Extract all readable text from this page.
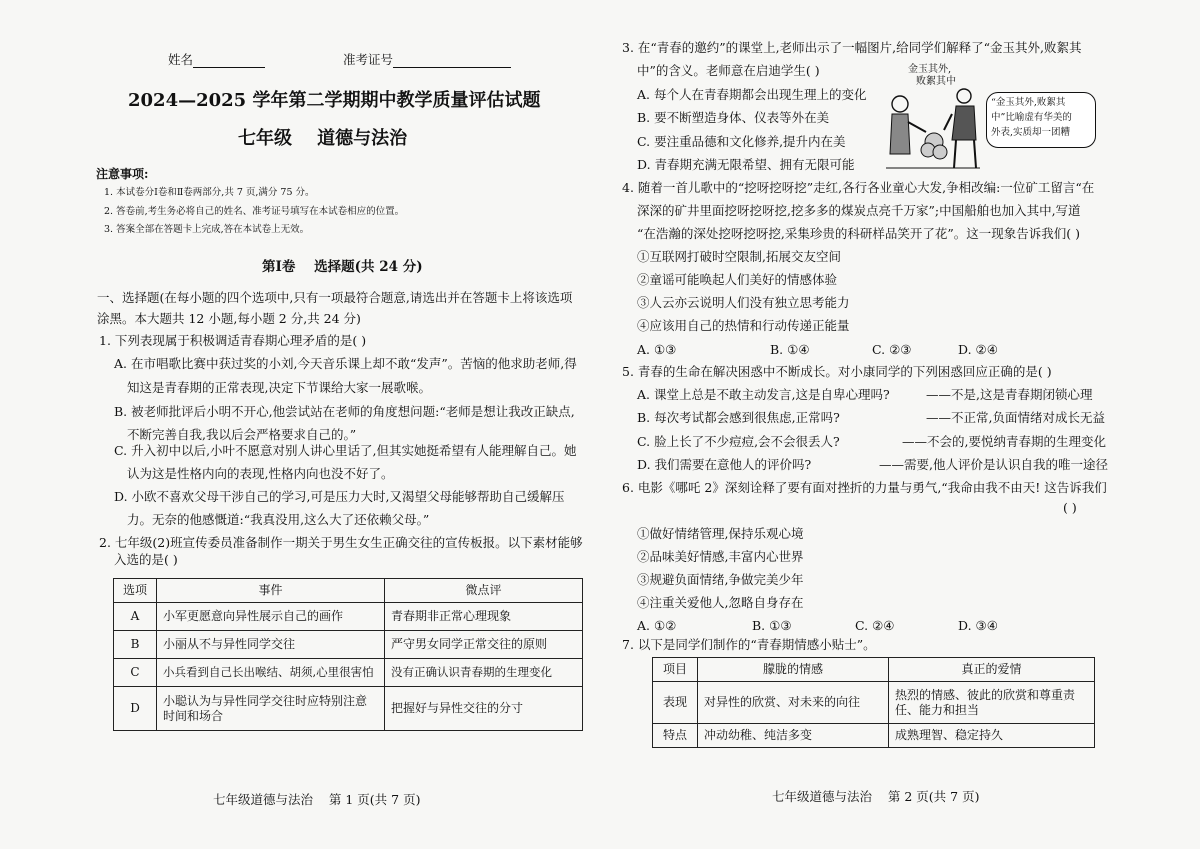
姓名	准考证号
2024—2025 学年第二学期期中教学质量评估试题
七年级    道德与法治
注意事项:
1. 本试卷分Ⅰ卷和Ⅱ卷两部分,共 7 页,满分 75 分。
2. 答卷前,考生务必将自己的姓名、准考证号填写在本试卷相应的位置。
3. 答案全部在答题卡上完成,答在本试卷上无效。
第Ⅰ卷    选择题(共 24 分)
一、选择题(在每小题的四个选项中,只有一项最符合题意,请选出并在答题卡上将该选项
涂黑。本大题共 12 小题,每小题 2 分,共 24 分)
1. 下列表现属于积极调适青春期心理矛盾的是( )
A. 在市唱歌比赛中获过奖的小刘,今天音乐课上却不敢“发声”。苦恼的他求助老师,得
知这是青春期的正常表现,决定下节课给大家一展歌喉。
B. 被老师批评后小明不开心,他尝试站在老师的角度想问题:“老师是想让我改正缺点,
不断完善自我,我以后会严格要求自己的。”
C. 升入初中以后,小叶不愿意对别人讲心里话了,但其实她挺希望有人能理解自己。她
认为这是性格内向的表现,性格内向也没不好了。
D. 小欧不喜欢父母干涉自己的学习,可是压力大时,又渴望父母能够帮助自己缓解压
力。无奈的他感慨道:“我真没用,这么大了还依赖父母。”
2. 七年级(2)班宣传委员准备制作一期关于男生女生正确交往的宣传板报。以下素材能够
入选的是( )
选项	事件	微点评
A	小军更愿意向异性展示自己的画作	青春期非正常心理现象
B	小丽从不与异性同学交往	严守男女同学正常交往的原则
C	小兵看到自己长出喉结、胡须,心里很害怕	没有正确认识青春期的生理变化
D	小聪认为与异性同学交往时应特别注意时间和场合	把握好与异性交往的分寸
七年级道德与法治    第 1 页(共 7 页)
3. 在“青春的邀约”的课堂上,老师出示了一幅图片,给同学们解释了“金玉其外,败絮其
中”的含义。老师意在启迪学生( )
A. 每个人在青春期都会出现生理上的变化
B. 要不断塑造身体、仪表等外在美
C. 要注重品德和文化修养,提升内在美
D. 青春期充满无限希望、拥有无限可能
金玉其外,
败絮其中
“金玉其外,败絮其
中”比喻虚有华美的
外表,实质却一团糟
4. 随着一首儿歌中的“挖呀挖呀挖”走红,各行各业童心大发,争相改编:一位矿工留言“在
深深的矿井里面挖呀挖呀挖,挖多多的煤炭点亮千万家”;中国船舶也加入其中,写道
“在浩瀚的深处挖呀挖呀挖,采集珍贵的科研样品笑开了花”。这一现象告诉我们( )
①互联网打破时空限制,拓展交友空间
②童谣可能唤起人们美好的情感体验
③人云亦云说明人们没有独立思考能力
④应该用自己的热情和行动传递正能量
A. ①③	B. ①④	C. ②③	D. ②④
5. 青春的生命在解决困惑中不断成长。对小康同学的下列困惑回应正确的是( )
A. 课堂上总是不敢主动发言,这是自卑心理吗?	——不是,这是青春期闭锁心理
B. 每次考试都会感到很焦虑,正常吗?	——不正常,负面情绪对成长无益
C. 脸上长了不少痘痘,会不会很丢人?	——不会的,要悦纳青春期的生理变化
D. 我们需要在意他人的评价吗?	——需要,他人评价是认识自我的唯一途径
6. 电影《哪吒 2》深刻诠释了要有面对挫折的力量与勇气,“我命由我不由天! 这告诉我们
( )
①做好情绪管理,保持乐观心境
②品味美好情感,丰富内心世界
③规避负面情绪,争做完美少年
④注重关爱他人,忽略自身存在
A. ①②	B. ①③	C. ②④	D. ③④
7. 以下是同学们制作的“青春期情感小贴士”。
项目	朦胧的情感	真正的爱情
表现	对异性的欣赏、对未来的向往	热烈的情感、彼此的欣赏和尊重责任、能力和担当
特点	冲动幼稚、纯洁多变	成熟理智、稳定持久
七年级道德与法治    第 2 页(共 7 页)
